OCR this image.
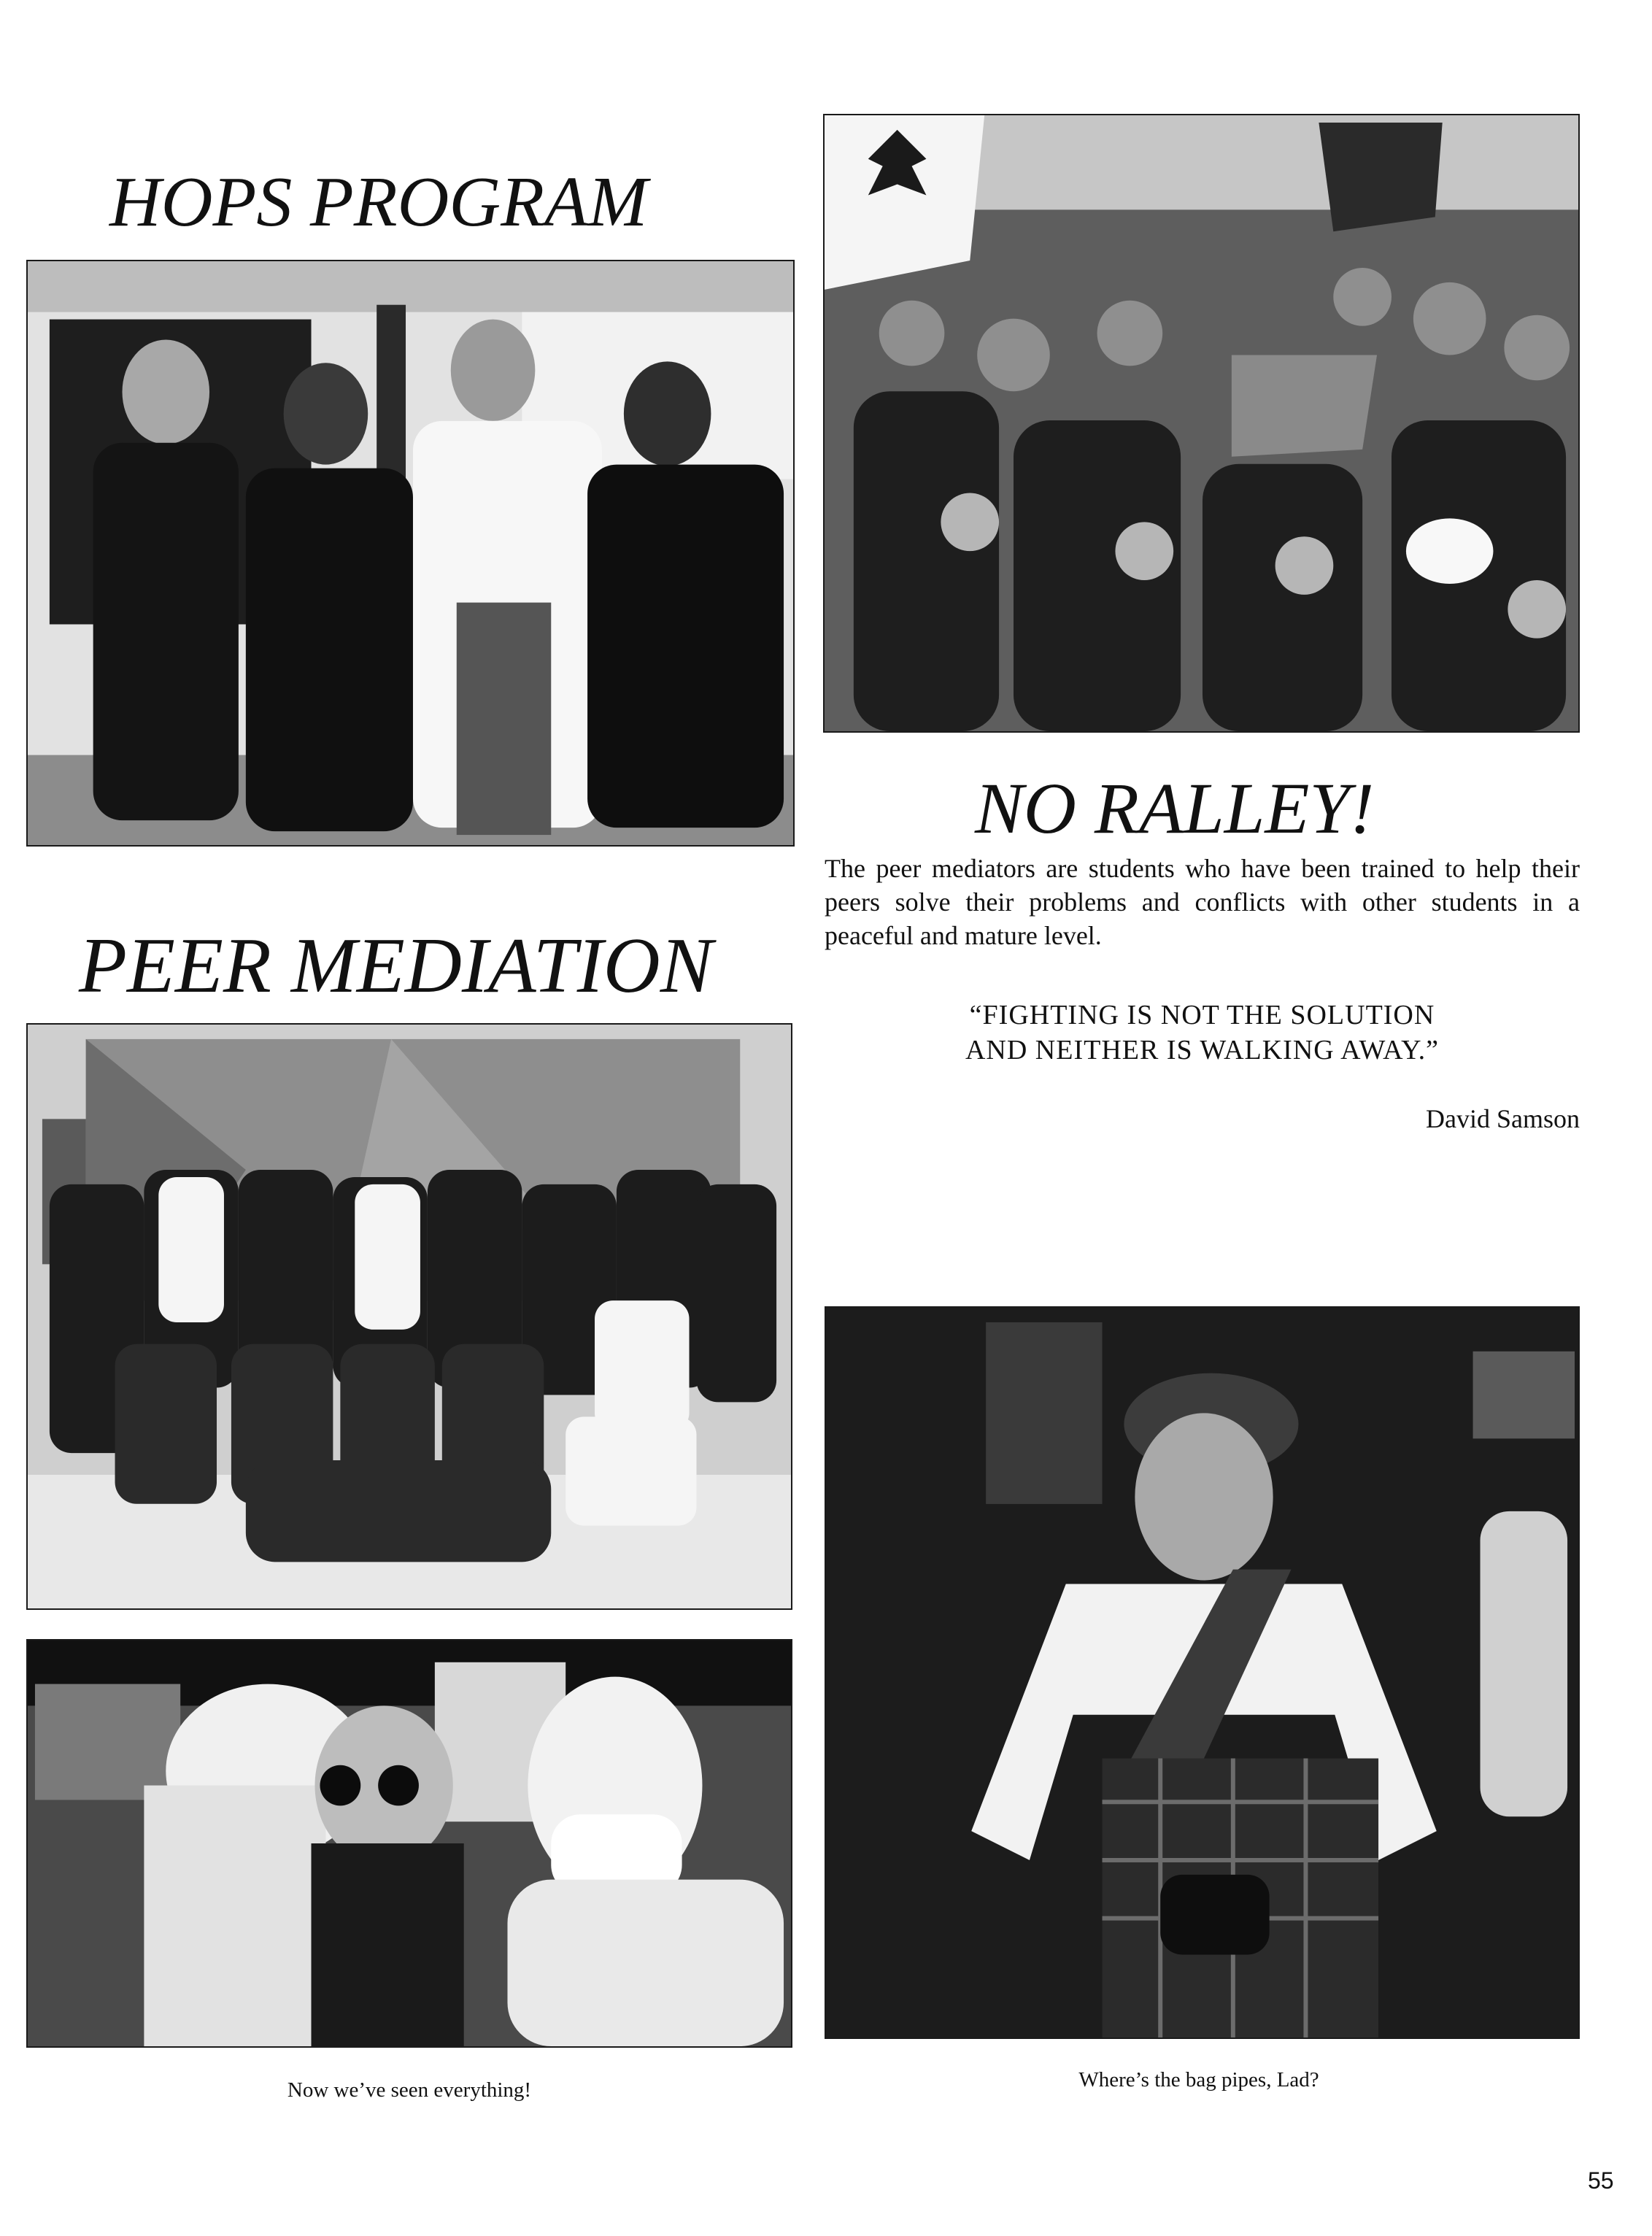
HOPS PROGRAM
PEER MEDIATION
Now we’ve seen everything!
NO RALLEY!

The peer mediators are students who have been trained to help their peers solve their problems and conflicts with other students in a peaceful and mature level.

“FIGHTING IS NOT THE SOLUTION

AND NEITHER IS WALKING AWAY.”

David Samson
Where’s the bag pipes, Lad?
55
